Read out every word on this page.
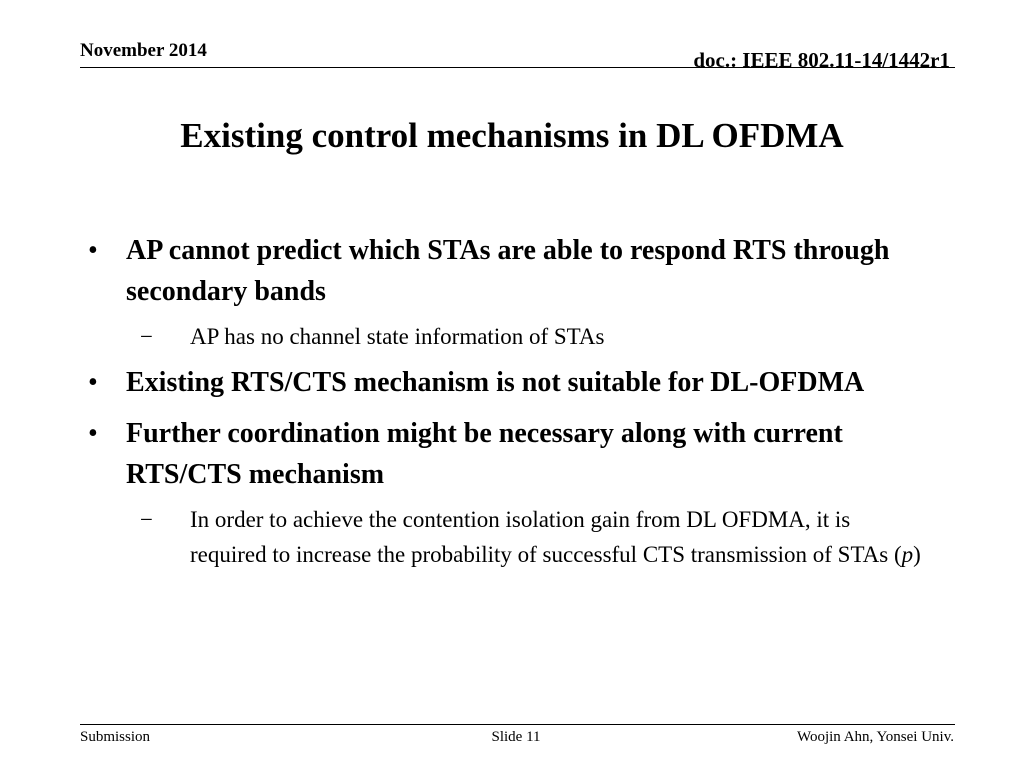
November 2014	doc.: IEEE 802.11-14/1442r1
Existing control mechanisms in DL OFDMA
• AP cannot predict which STAs are able to respond RTS through secondary bands
− AP has no channel state information of STAs
• Existing RTS/CTS mechanism is not suitable for DL-OFDMA
• Further coordination might be necessary along with current RTS/CTS mechanism
− In order to achieve the contention isolation gain from DL OFDMA, it is required to increase the probability of successful CTS transmission of STAs (p)
Submission	Slide 11	Woojin Ahn, Yonsei Univ.
